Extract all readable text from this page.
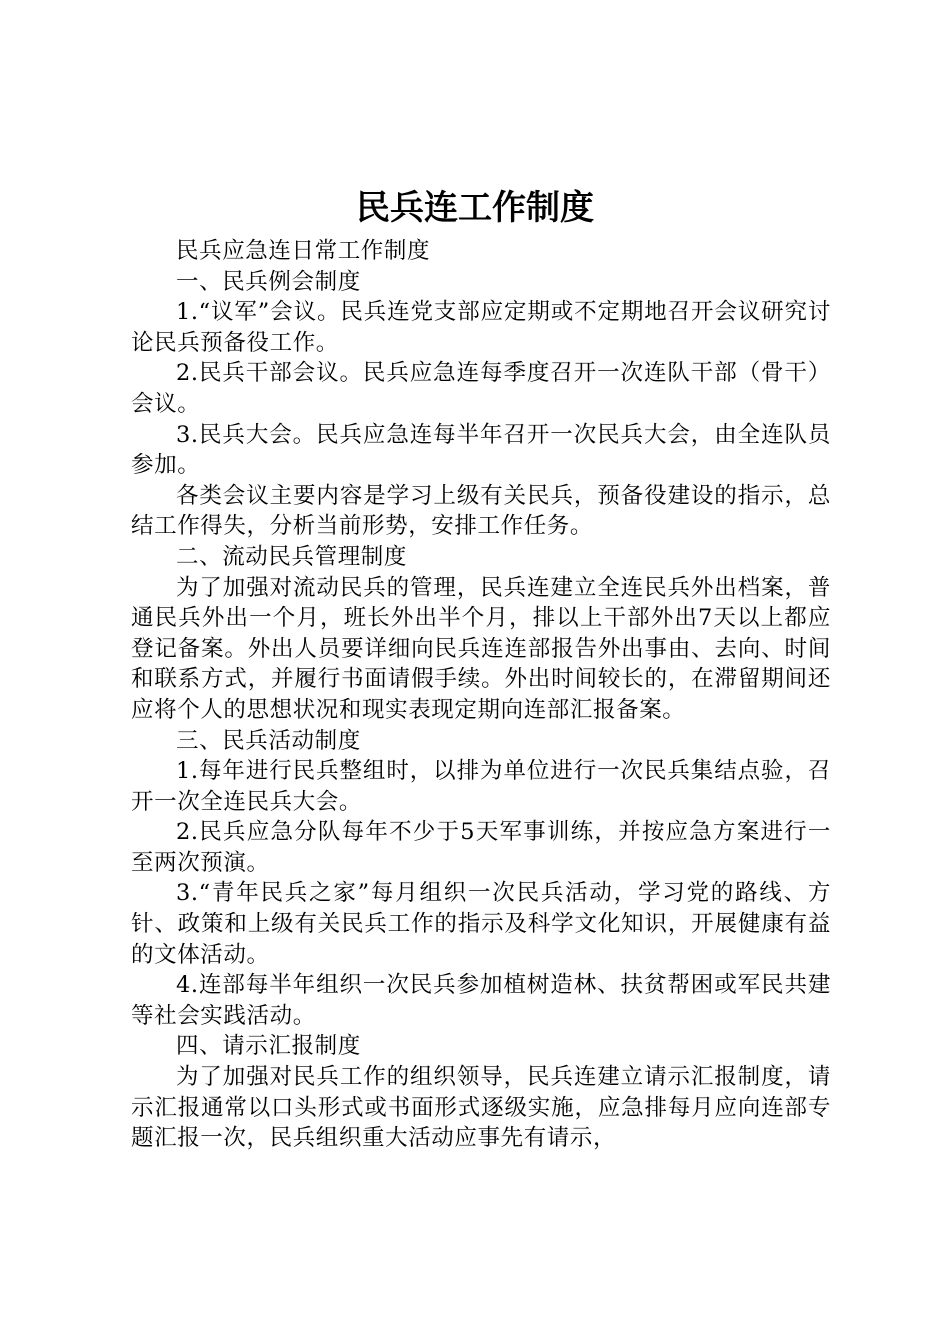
民兵连工作制度

民兵应急连日常工作制度

一、民兵例会制度

1.“议军”会议。民兵连党支部应定期或不定期地召开会议研究讨论民兵预备役工作。

2.民兵干部会议。民兵应急连每季度召开一次连队干部（骨干）会议。

3.民兵大会。民兵应急连每半年召开一次民兵大会，由全连队员参加。

各类会议主要内容是学习上级有关民兵，预备役建设的指示，总结工作得失，分析当前形势，安排工作任务。

二、流动民兵管理制度

为了加强对流动民兵的管理，民兵连建立全连民兵外出档案，普通民兵外出一个月，班长外出半个月，排以上干部外出7天以上都应登记备案。外出人员要详细向民兵连连部报告外出事由、去向、时间和联系方式，并履行书面请假手续。外出时间较长的，在滞留期间还应将个人的思想状况和现实表现定期向连部汇报备案。

三、民兵活动制度

1.每年进行民兵整组时，以排为单位进行一次民兵集结点验，召开一次全连民兵大会。

2.民兵应急分队每年不少于5天军事训练，并按应急方案进行一至两次预演。

3.“青年民兵之家”每月组织一次民兵活动，学习党的路线、方针、政策和上级有关民兵工作的指示及科学文化知识，开展健康有益的文体活动。

4.连部每半年组织一次民兵参加植树造林、扶贫帮困或军民共建等社会实践活动。

四、请示汇报制度

为了加强对民兵工作的组织领导，民兵连建立请示汇报制度，请示汇报通常以口头形式或书面形式逐级实施，应急排每月应向连部专题汇报一次，民兵组织重大活动应事先有请示，
